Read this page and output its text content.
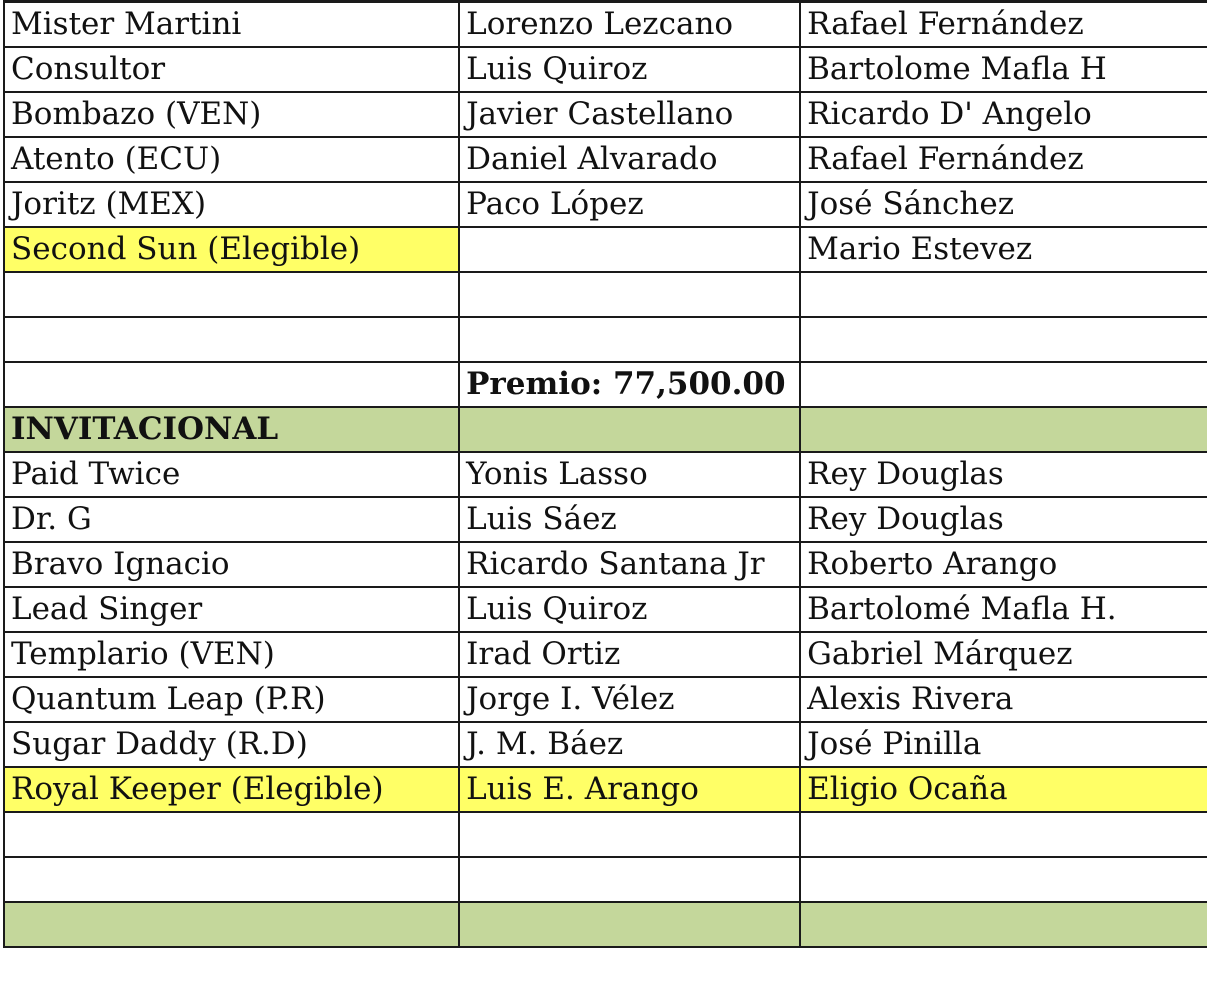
Mister Martini	Lorenzo Lezcano	Rafael Fernández
Consultor	Luis Quiroz	Bartolome Mafla H
Bombazo (VEN)	Javier Castellano	Ricardo D' Angelo
Atento (ECU)	Daniel Alvarado	Rafael Fernández
Joritz (MEX)	Paco López	José Sánchez
Second Sun (Elegible)		Mario Estevez

	Premio: 77,500.00	
INVITACIONAL		
Paid Twice	Yonis Lasso	Rey Douglas
Dr. G	Luis Sáez	Rey Douglas
Bravo Ignacio	Ricardo Santana Jr	Roberto Arango
Lead Singer	Luis Quiroz	Bartolomé Mafla H.
Templario (VEN)	Irad Ortiz	Gabriel Márquez
Quantum Leap (P.R)	Jorge I. Vélez	Alexis Rivera
Sugar Daddy (R.D)	J. M. Báez	José Pinilla
Royal Keeper (Elegible)	Luis E. Arango	Eligio Ocaña
